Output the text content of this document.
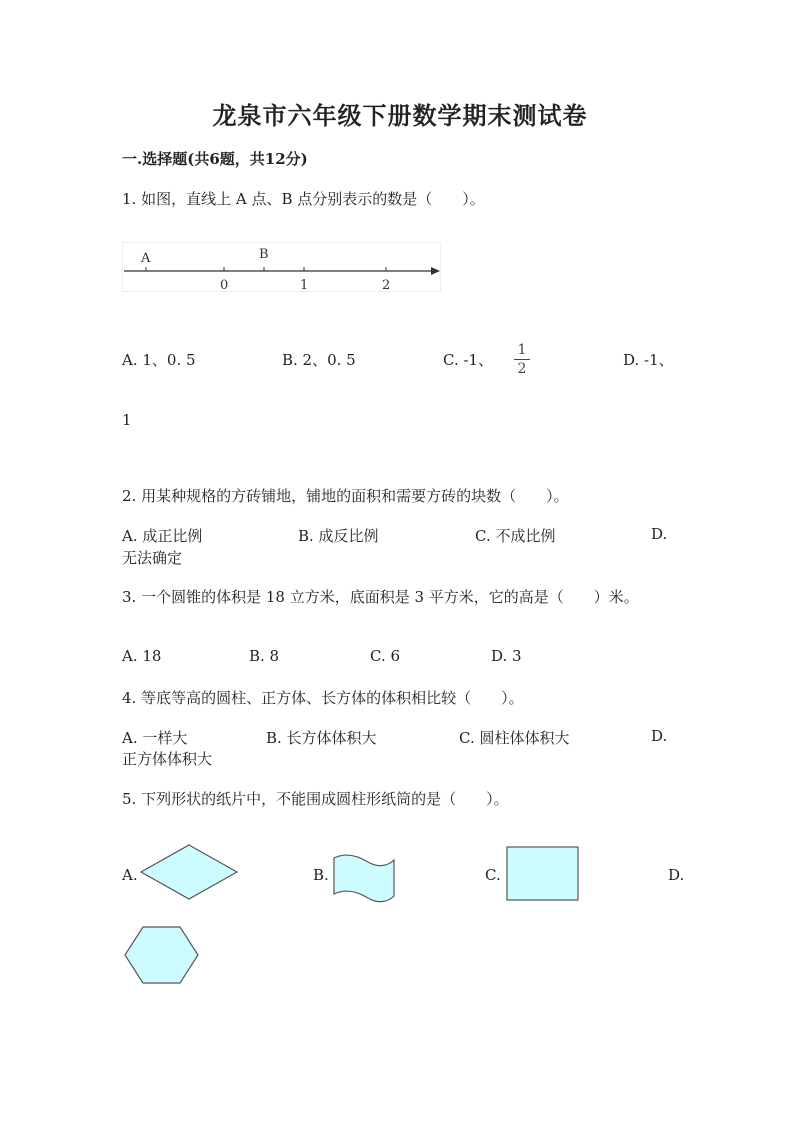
龙泉市六年级下册数学期末测试卷
一.选择题(共6题，共12分)
1. 如图，直线上 A 点、B 点分别表示的数是（　　）。
A	B
0	1	2
A. 1、0. 5	B. 2、0. 5	C. -1、
1
2	D. -1、
1
2. 用某种规格的方砖铺地，铺地的面积和需要方砖的块数（　　）。
A. 成正比例	B. 成反比例	C. 不成比例	D.
无法确定
3. 一个圆锥的体积是 18 立方米，底面积是 3 平方米，它的高是（　　）米。
A. 18	B. 8	C. 6	D. 3
4. 等底等高的圆柱、正方体、长方体的体积相比较（　　）。
A. 一样大	B. 长方体体积大	C. 圆柱体体积大	D.
正方体体积大
5. 下列形状的纸片中，不能围成圆柱形纸筒的是（　　）。
A.	B.	C.	D.
